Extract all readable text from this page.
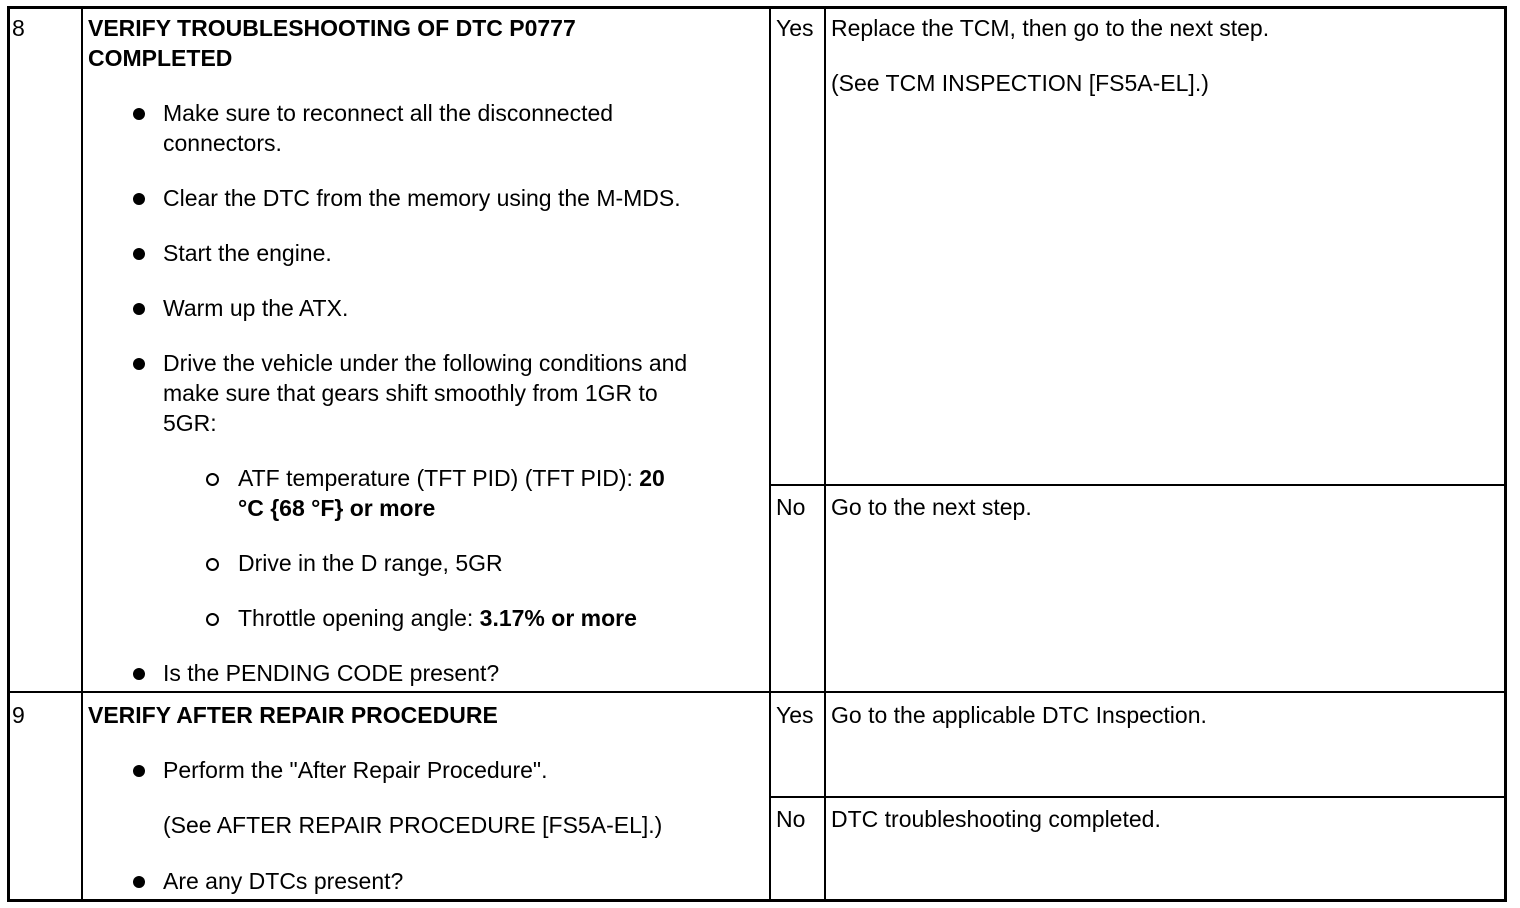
8	VERIFY TROUBLESHOOTING OF DTC P0777
COMPLETED
Make sure to reconnect all the disconnected
connectors.
Clear the DTC from the memory using the M-MDS.
Start the engine.
Warm up the ATX.
Drive the vehicle under the following conditions and
make sure that gears shift smoothly from 1GR to
5GR:
ATF temperature (TFT PID) (TFT PID): 20
°C {68 °F} or more
Drive in the D range, 5GR
Throttle opening angle: 3.17% or more
Is the PENDING CODE present?
Yes Replace the TCM, then go to the next step.
(See TCM INSPECTION [FS5A-EL].)
No Go to the next step.
9	VERIFY AFTER REPAIR PROCEDURE
Perform the "After Repair Procedure".
(See AFTER REPAIR PROCEDURE [FS5A-EL].)
Are any DTCs present?
Yes Go to the applicable DTC Inspection.
No DTC troubleshooting completed.
